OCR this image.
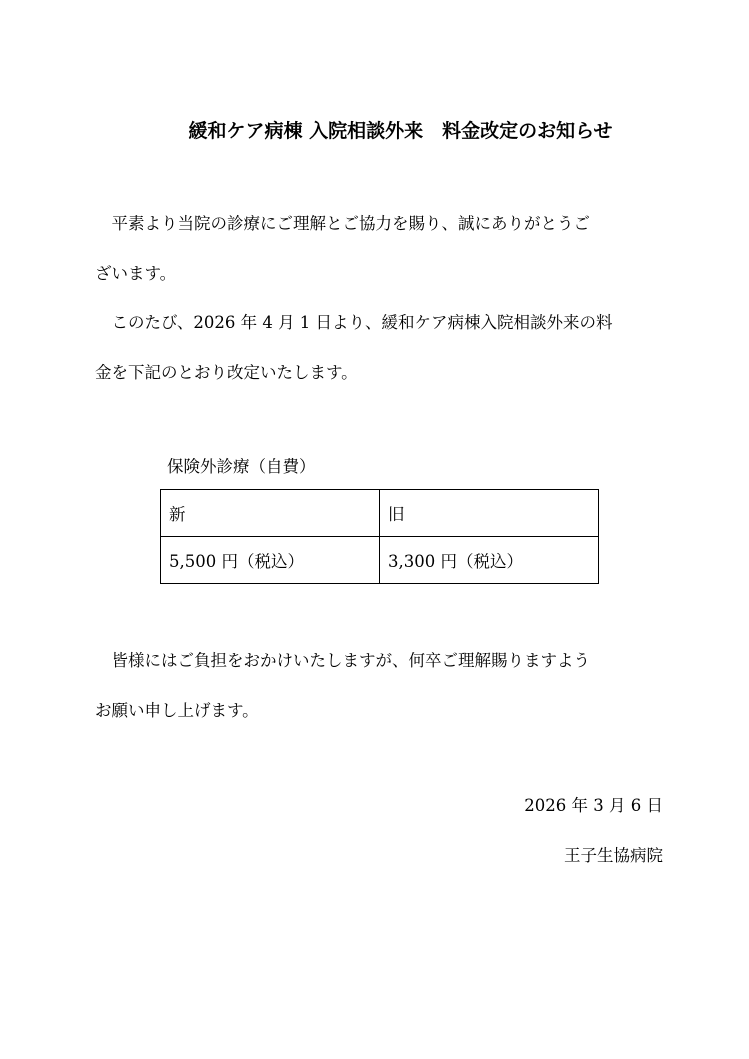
緩和ケア病棟 入院相談外来　料金改定のお知らせ
平素より当院の診療にご理解とご協力を賜り、誠にありがとうご
ざいます。
このたび、2026 年 4 月 1 日より、緩和ケア病棟入院相談外来の料
金を下記のとおり改定いたします。
保険外診療（自費）
新	旧
5,500 円（税込）	3,300 円（税込）
皆様にはご負担をおかけいたしますが、何卒ご理解賜りますよう
お願い申し上げます。
2026 年 3 月 6 日
王子生協病院
